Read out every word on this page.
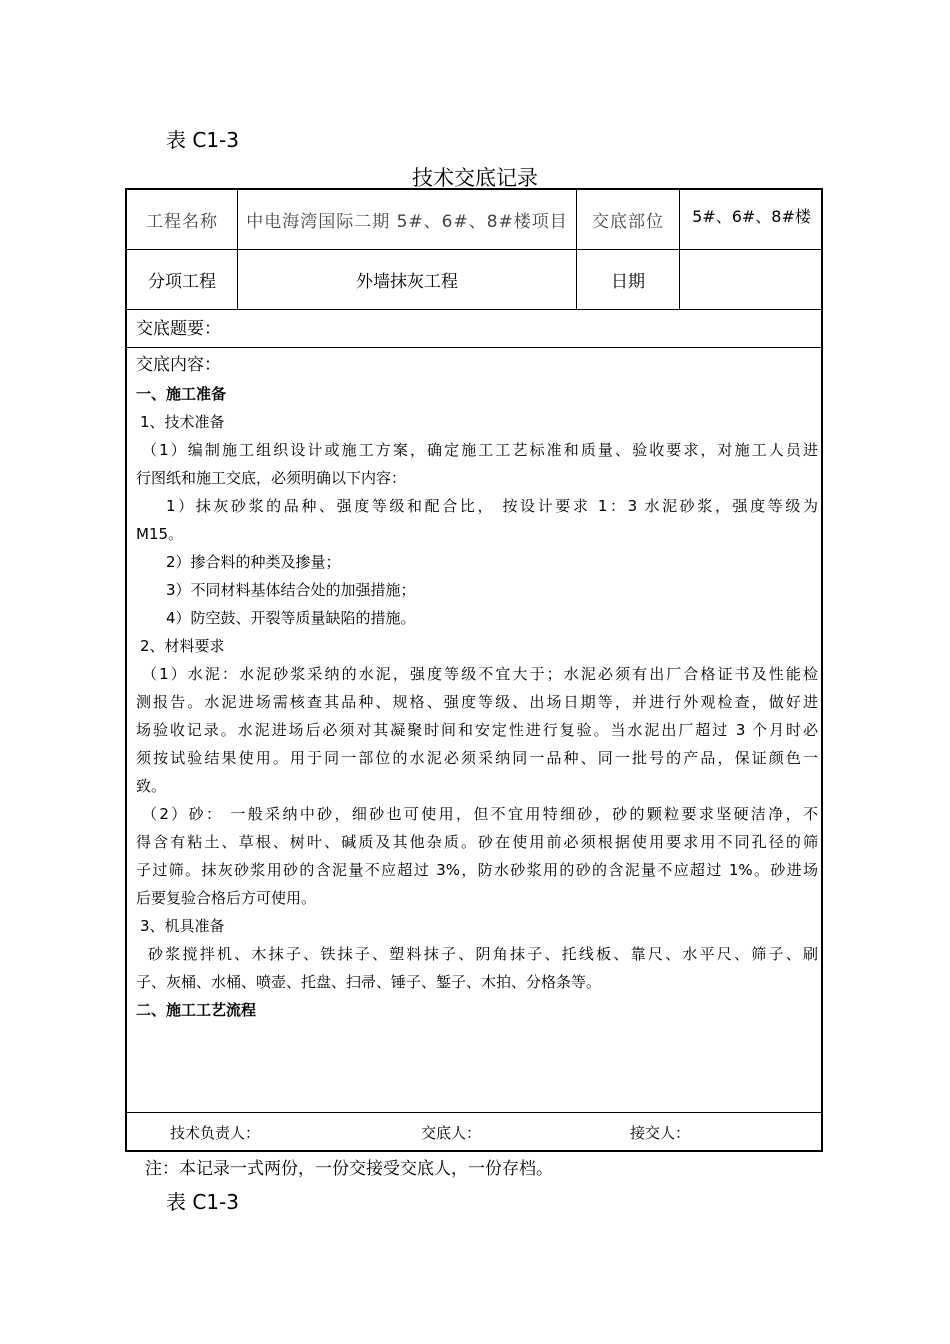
表 C1-3
技术交底记录
工程名称	中电海湾国际二期 5#、6#、8#楼项目	交底部位	5#、6#、8#楼
分项工程	外墙抹灰工程	日期
交底题要：
交底内容：

一、施工准备

1、技术准备

（1）编制施工组织设计或施工方案，确定施工工艺标准和质量、验收要求，对施工人员进

行图纸和施工交底，必须明确以下内容：

1）抹灰砂浆的品种、强度等级和配合比， 按设计要求 1：3 水泥砂浆，强度等级为

M15。

2）掺合料的种类及掺量；

3）不同材料基体结合处的加强措施；

4）防空鼓、开裂等质量缺陷的措施。

2、材料要求

（1）水泥：水泥砂浆采纳的水泥，强度等级不宜大于；水泥必须有出厂合格证书及性能检

测报告。水泥进场需核查其品种、规格、强度等级、出场日期等，并进行外观检查，做好进

场验收记录。水泥进场后必须对其凝聚时间和安定性进行复验。当水泥出厂超过 3 个月时必

须按试验结果使用。用于同一部位的水泥必须采纳同一品种、同一批号的产品，保证颜色一

致。

（2）砂： 一般采纳中砂，细砂也可使用，但不宜用特细砂，砂的颗粒要求坚硬洁净，不

得含有粘土、草根、树叶、碱质及其他杂质。砂在使用前必须根据使用要求用不同孔径的筛

子过筛。抹灰砂浆用砂的含泥量不应超过 3%，防水砂浆用的砂的含泥量不应超过 1%。砂进场

后要复验合格后方可使用。

3、机具准备

砂浆搅拌机、木抹子、铁抹子、塑料抹子、阴角抹子、托线板、靠尺、水平尺、筛子、刷

子、灰桶、水桶、喷壶、托盘、扫帚、锤子、錾子、木拍、分格条等。

二、施工工艺流程

技术负责人：	交底人：	接交人：
注：本记录一式两份，一份交接受交底人，一份存档。
表 C1-3
